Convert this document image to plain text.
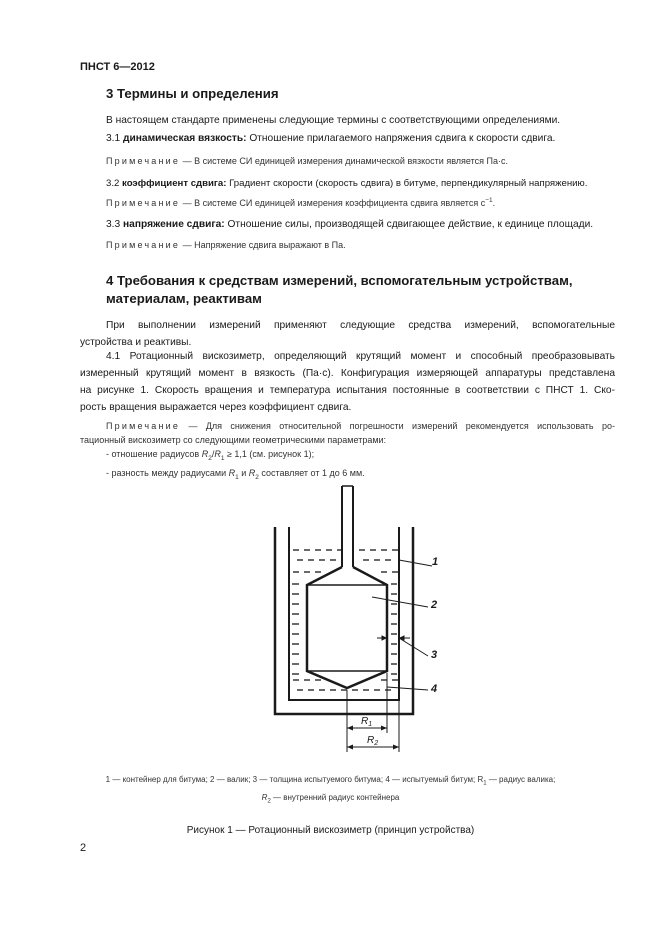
ПНСТ 6—2012
3 Термины и определения
В настоящем стандарте применены следующие термины с соответствующими определениями.
3.1 динамическая вязкость: Отношение прилагаемого напряжения сдвига к скорости сдвига.
Примечание — В системе СИ единицей измерения динамической вязкости является Па·с.
3.2 коэффициент сдвига: Градиент скорости (скорость сдвига) в битуме, перпендикулярный напряжению.
Примечание — В системе СИ единицей измерения коэффициента сдвига является $с^{-1}$.
3.3 напряжение сдвига: Отношение силы, производящей сдвигающее действие, к единице площади.
Примечание — Напряжение сдвига выражают в Па.
4 Требования к средствам измерений, вспомогательным устройствам,
материалам, реактивам
При выполнении измерений применяют следующие средства измерений, вспомогательные
устройства и реактивы.
4.1 Ротационный вискозиметр, определяющий крутящий момент и способный преобразовывать
измеренный крутящий момент в вязкость (Па·с). Конфигурация измеряющей аппаратуры представлена
на рисунке 1. Скорость вращения и температура испытания постоянные в соответствии с ПНСТ 1. Ско-
рость вращения выражается через коэффициент сдвига.
Примечание — Для снижения относительной погрешности измерений рекомендуется использовать ро-
тационный вискозиметр со следующими геометрическими параметрами:
- отношение радиусов $R_2/R_1 \ge 1,1$ (см. рисунок 1);
- разность между радиусами $R_1$ и $R_2$ составляет от 1 до 6 мм.
1
2
3
4
$R_1$
$R_2$
1 — контейнер для битума; 2 — валик; 3 — толщина испытуемого битума; 4 — испытуемый битум; $R_1$ — радиус валика;
$R_2$ — внутренний радиус контейнера
Рисунок 1 — Ротационный вискозиметр (принцип устройства)
2
